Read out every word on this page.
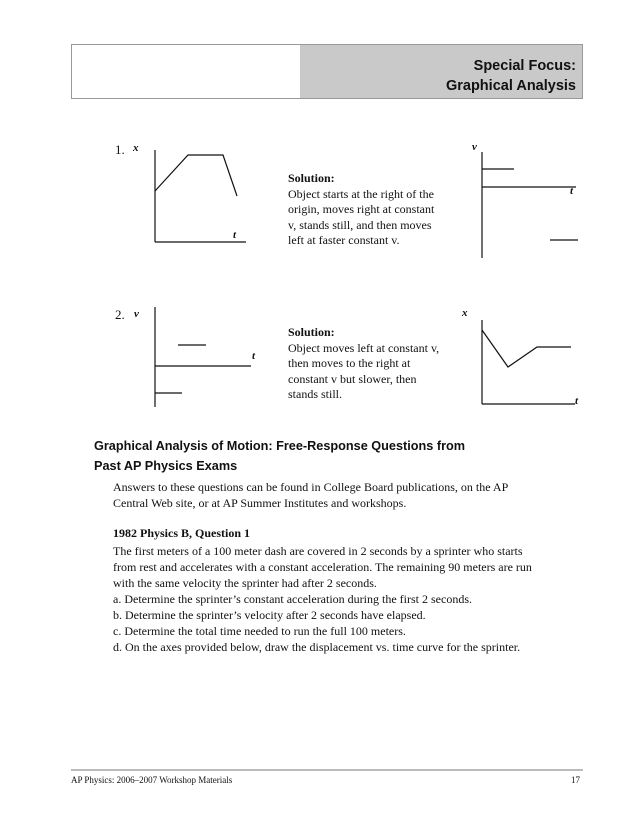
Special Focus:
Graphical Analysis
1. x
t
Solution:
Object starts at the right of the
origin, moves right at constant
v, stands still, and then moves
left at faster constant v.
v
t
2. v
t
Solution:
Object moves left at constant v,
then moves to the right at
constant v but slower, then
stands still.
x
t
Graphical Analysis of Motion: Free-Response Questions from
Past AP Physics Exams
Answers to these questions can be found in College Board publications, on the AP
Central Web site, or at AP Summer Institutes and workshops.
1982 Physics B, Question 1
The first meters of a 100 meter dash are covered in 2 seconds by a sprinter who starts
from rest and accelerates with a constant acceleration. The remaining 90 meters are run
with the same velocity the sprinter had after 2 seconds.
a. Determine the sprinter’s constant acceleration during the first 2 seconds.
b. Determine the sprinter’s velocity after 2 seconds have elapsed.
c. Determine the total time needed to run the full 100 meters.
d. On the axes provided below, draw the displacement vs. time curve for the sprinter.
AP Physics: 2006–2007 Workshop Materials	17
